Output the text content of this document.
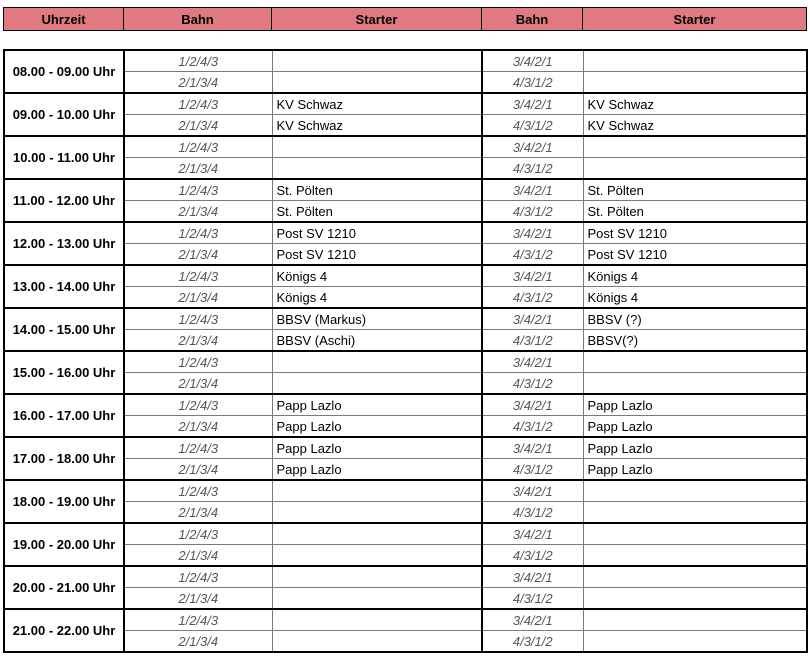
Uhrzeit	Bahn	Starter	Bahn	Starter
08.00 - 09.00 Uhr	1/2/4/3		3/4/2/1	
	2/1/3/4		4/3/1/2	
09.00 - 10.00 Uhr	1/2/4/3	KV Schwaz	3/4/2/1	KV Schwaz
	2/1/3/4	KV Schwaz	4/3/1/2	KV Schwaz
10.00 - 11.00 Uhr	1/2/4/3		3/4/2/1	
	2/1/3/4		4/3/1/2	
11.00 - 12.00 Uhr	1/2/4/3	St. Pölten	3/4/2/1	St. Pölten
	2/1/3/4	St. Pölten	4/3/1/2	St. Pölten
12.00 - 13.00 Uhr	1/2/4/3	Post SV 1210	3/4/2/1	Post SV 1210
	2/1/3/4	Post SV 1210	4/3/1/2	Post SV 1210
13.00 - 14.00 Uhr	1/2/4/3	Königs 4	3/4/2/1	Königs 4
	2/1/3/4	Königs 4	4/3/1/2	Königs 4
14.00 - 15.00 Uhr	1/2/4/3	BBSV (Markus)	3/4/2/1	BBSV (?)
	2/1/3/4	BBSV (Aschi)	4/3/1/2	BBSV(?)
15.00 - 16.00 Uhr	1/2/4/3		3/4/2/1	
	2/1/3/4		4/3/1/2	
16.00 - 17.00 Uhr	1/2/4/3	Papp Lazlo	3/4/2/1	Papp Lazlo
	2/1/3/4	Papp Lazlo	4/3/1/2	Papp Lazlo
17.00 - 18.00 Uhr	1/2/4/3	Papp Lazlo	3/4/2/1	Papp Lazlo
	2/1/3/4	Papp Lazlo	4/3/1/2	Papp Lazlo
18.00 - 19.00 Uhr	1/2/4/3		3/4/2/1	
	2/1/3/4		4/3/1/2	
19.00 - 20.00 Uhr	1/2/4/3		3/4/2/1	
	2/1/3/4		4/3/1/2	
20.00 - 21.00 Uhr	1/2/4/3		3/4/2/1	
	2/1/3/4		4/3/1/2	
21.00 - 22.00 Uhr	1/2/4/3		3/4/2/1	
	2/1/3/4		4/3/1/2	
